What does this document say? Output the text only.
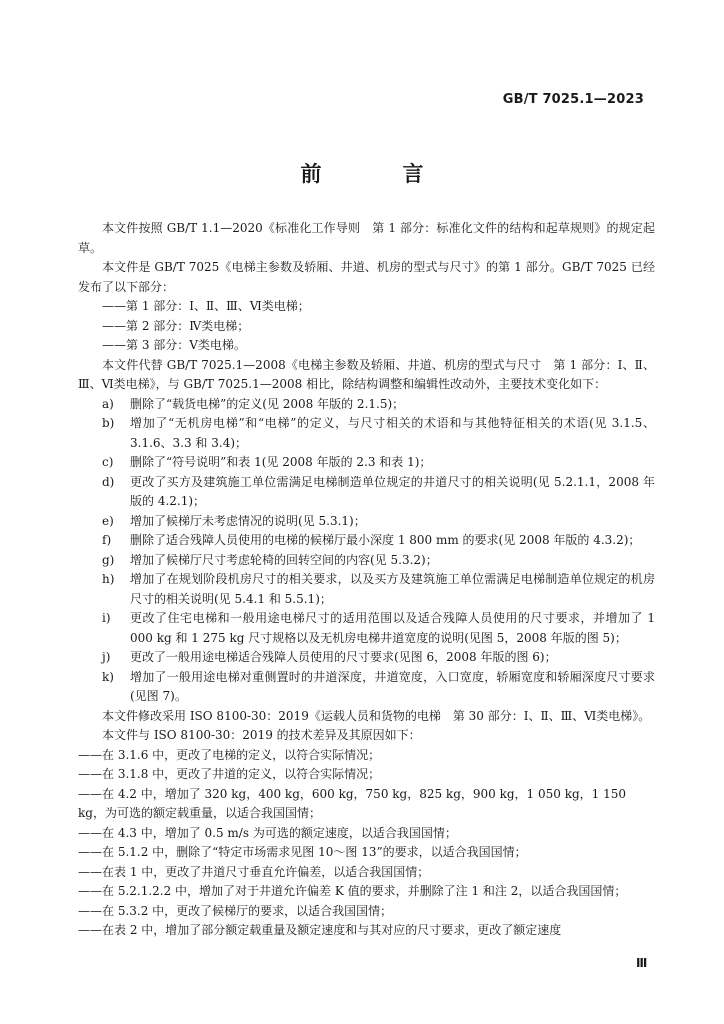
GB/T 7025.1—2023
前　言

本文件按照 GB/T 1.1—2020《标准化工作导则　第 1 部分：标准化文件的结构和起草规则》的规定起草。

本文件是 GB/T 7025《电梯主参数及轿厢、井道、机房的型式与尺寸》的第 1 部分。GB/T 7025 已经发布了以下部分：

——第 1 部分：Ⅰ、Ⅱ、Ⅲ、Ⅵ类电梯；

——第 2 部分：Ⅳ类电梯；

——第 3 部分：Ⅴ类电梯。

本文件代替 GB/T 7025.1—2008《电梯主参数及轿厢、井道、机房的型式与尺寸　第 1 部分：Ⅰ、Ⅱ、Ⅲ、Ⅵ类电梯》，与 GB/T 7025.1—2008 相比，除结构调整和编辑性改动外，主要技术变化如下：

a)	删除了“载货电梯”的定义(见 2008 年版的 2.1.5)；
b)	增加了“无机房电梯”和“电梯”的定义，与尺寸相关的术语和与其他特征相关的术语(见 3.1.5、3.1.6、3.3 和 3.4)；
c)	删除了“符号说明”和表 1(见 2008 年版的 2.3 和表 1)；
d)	更改了买方及建筑施工单位需满足电梯制造单位规定的井道尺寸的相关说明(见 5.2.1.1，2008 年版的 4.2.1)；
e)	增加了候梯厅未考虑情况的说明(见 5.3.1)；
f)	删除了适合残障人员使用的电梯的候梯厅最小深度 1 800 mm 的要求(见 2008 年版的 4.3.2)；
g)	增加了候梯厅尺寸考虑轮椅的回转空间的内容(见 5.3.2)；
h)	增加了在规划阶段机房尺寸的相关要求，以及买方及建筑施工单位需满足电梯制造单位规定的机房尺寸的相关说明(见 5.4.1 和 5.5.1)；
i)	更改了住宅电梯和一般用途电梯尺寸的适用范围以及适合残障人员使用的尺寸要求，并增加了 1 000 kg 和 1 275 kg 尺寸规格以及无机房电梯井道宽度的说明(见图 5，2008 年版的图 5)；
j)	更改了一般用途电梯适合残障人员使用的尺寸要求(见图 6，2008 年版的图 6)；
k)	增加了一般用途电梯对重侧置时的井道深度，井道宽度，入口宽度，轿厢宽度和轿厢深度尺寸要求(见图 7)。

本文件修改采用 ISO 8100-30：2019《运载人员和货物的电梯　第 30 部分：Ⅰ、Ⅱ、Ⅲ、Ⅵ类电梯》。

本文件与 ISO 8100-30：2019 的技术差异及其原因如下：

——在 3.1.6 中，更改了电梯的定义，以符合实际情况；

——在 3.1.8 中，更改了井道的定义，以符合实际情况；

——在 4.2 中，增加了 320 kg，400 kg，600 kg，750 kg，825 kg，900 kg，1 050 kg，1 150 kg，为可选的额定载重量，以适合我国国情；

——在 4.3 中，增加了 0.5 m/s 为可选的额定速度，以适合我国国情；

——在 5.1.2 中，删除了“特定市场需求见图 10～图 13”的要求，以适合我国国情；

——在表 1 中，更改了井道尺寸垂直允许偏差，以适合我国国情；

——在 5.2.1.2.2 中，增加了对于井道允许偏差 K 值的要求，并删除了注 1 和注 2，以适合我国国情；

——在 5.3.2 中，更改了候梯厅的要求，以适合我国国情；

——在表 2 中，增加了部分额定载重量及额定速度和与其对应的尺寸要求，更改了额定速度

Ⅲ
